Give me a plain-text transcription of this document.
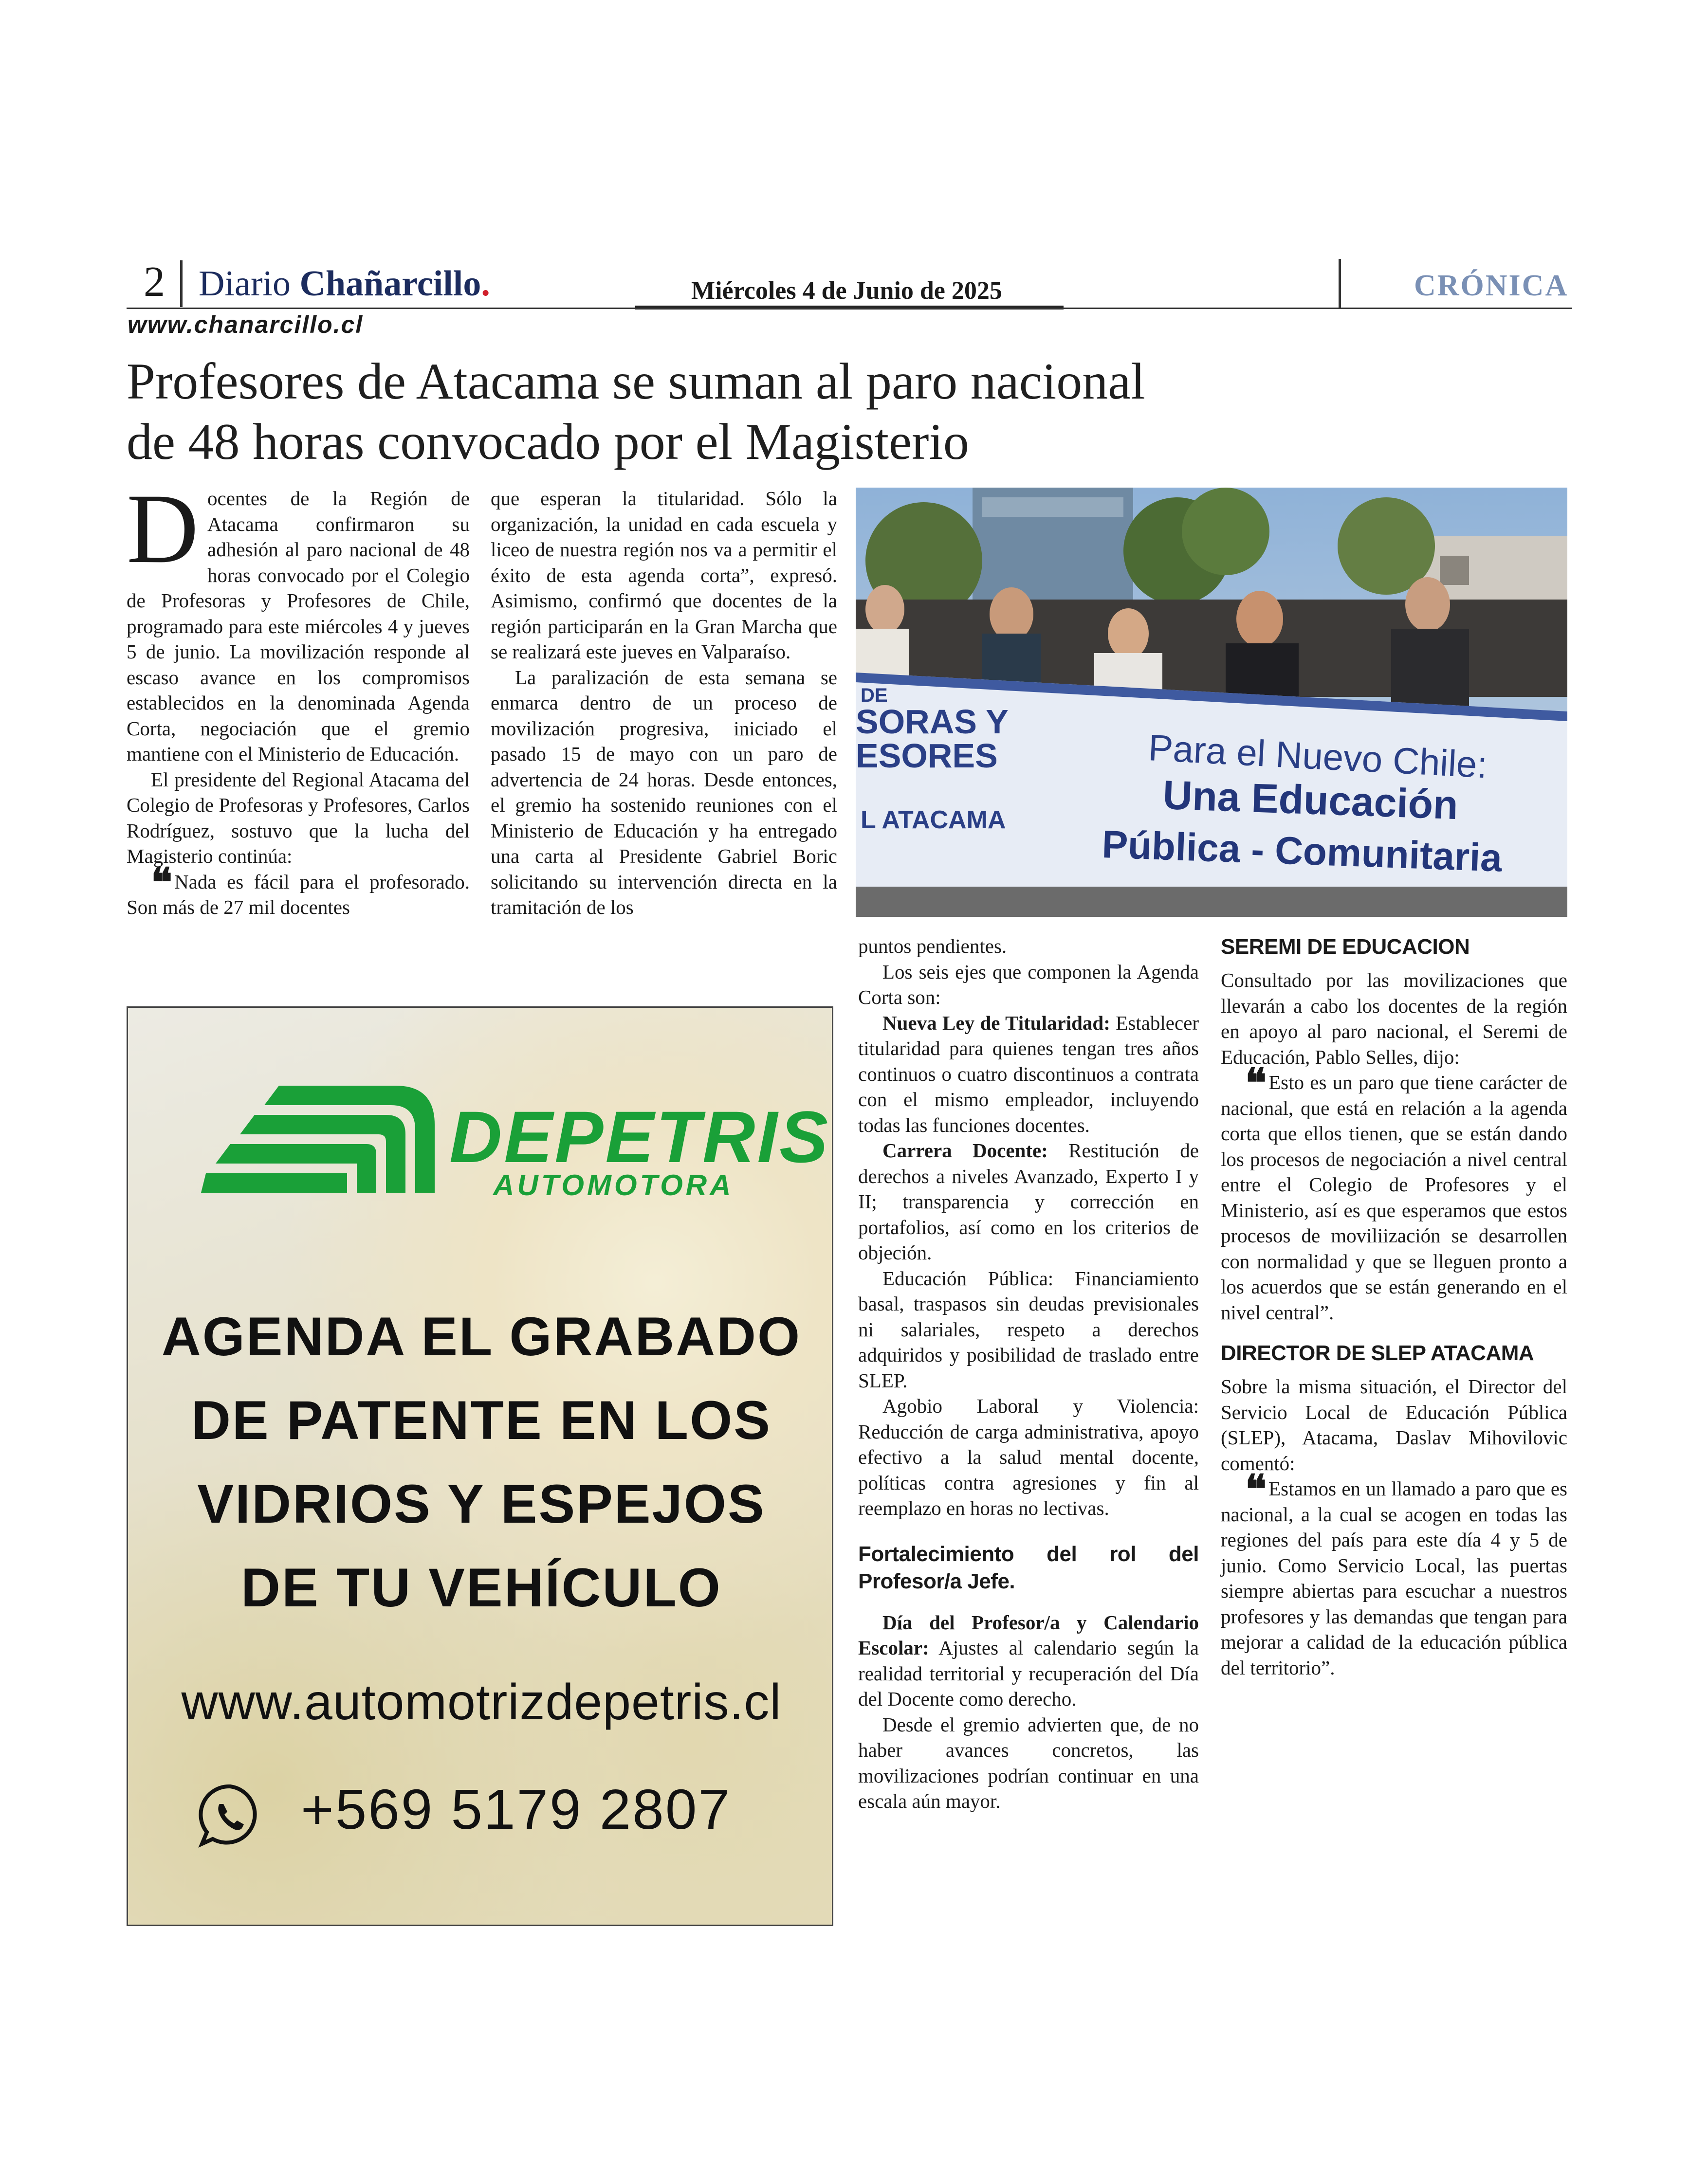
2 Diario Chañarcillo.	Miércoles 4 de Junio de 2025	CRÓNICA
www.chanarcillo.cl
Profesores de Atacama se suman al paro nacional
de 48 horas convocado por el Magisterio

Docentes de la Región de Atacama confirmaron su adhesión al paro nacional de 48 horas convocado por el Colegio de Profesoras y Profesores de Chile, programado para este miércoles 4 y jueves 5 de junio. La movilización responde al escaso avance en los compromisos establecidos en la denominada Agenda Corta, negociación que el gremio mantiene con el Ministerio de Educación.

El presidente del Regional Atacama del Colegio de Profesoras y Profesores, Carlos Rodríguez, sostuvo que la lucha del Magisterio continúa:

❝Nada es fácil para el profesorado. Son más de 27 mil docentes

que esperan la titularidad. Sólo la organización, la unidad en cada escuela y liceo de nuestra región nos va a permitir el éxito de esta agenda corta”, expresó. Asimismo, confirmó que docentes de la región participarán en la Gran Marcha que se realizará este jueves en Valparaíso.

La paralización de esta semana se enmarca dentro de un proceso de movilización progresiva, iniciado el pasado 15 de mayo con un paro de advertencia de 24 horas. Desde entonces, el gremio ha sostenido reuniones con el Ministerio de Educación y ha entregado una carta al Presidente Gabriel Boric solicitando su intervención directa en la tramitación de los

DE
SORAS Y
ESORES
L ATACAMA
Para el Nuevo Chile:
Una Educación
Pública - Comunitaria

puntos pendientes.

Los seis ejes que componen la Agenda Corta son:

Nueva Ley de Titularidad: Establecer titularidad para quienes tengan tres años continuos o cuatro discontinuos a contrata con el mismo empleador, incluyendo todas las funciones docentes.

Carrera Docente: Restitución de derechos a niveles Avanzado, Experto I y II; transparencia y corrección en portafolios, así como en los criterios de objeción.

Educación Pública: Financiamiento basal, traspasos sin deudas previsionales ni salariales, respeto a derechos adquiridos y posibilidad de traslado entre SLEP.

Agobio Laboral y Violencia: Reducción de carga administrativa, apoyo efectivo a la salud mental docente, políticas contra agresiones y fin al reemplazo en horas no lectivas.

Fortalecimiento del rol del Profesor/a Jefe.

Día del Profesor/a y Calendario Escolar: Ajustes al calendario según la realidad territorial y recuperación del Día del Docente como derecho.

Desde el gremio advierten que, de no haber avances concretos, las movilizaciones podrían continuar en una escala aún mayor.

SEREMI DE EDUCACION

Consultado por las movilizaciones que llevarán a cabo los docentes de la región en apoyo al paro nacional, el Seremi de Educación, Pablo Selles, dijo:

❝Esto es un paro que tiene carácter de nacional, que está en relación a la agenda corta que ellos tienen, que se están dando los procesos de negociación a nivel central entre el Colegio de Profesores y el Ministerio, así es que esperamos que estos procesos de moviliización se desarrollen con normalidad y que se lleguen pronto a los acuerdos que se están generando en el nivel central”.

DIRECTOR DE SLEP ATACAMA

Sobre la misma situación, el Director del Servicio Local de Educación Pública (SLEP), Atacama, Daslav Mihovilovic comentó:

❝Estamos en un llamado a paro que es nacional, a la cual se acogen en todas las regiones del país para este día 4 y 5 de junio. Como Servicio Local, las puertas siempre abiertas para escuchar a nuestros profesores y las demandas que tengan para mejorar a calidad de la educación pública del territorio”.

DEPETRIS
AUTOMOTORA
AGENDA EL GRABADO
DE PATENTE EN LOS
VIDRIOS Y ESPEJOS
DE TU VEHÍCULO
www.automotrizdepetris.cl
+569 5179 2807
